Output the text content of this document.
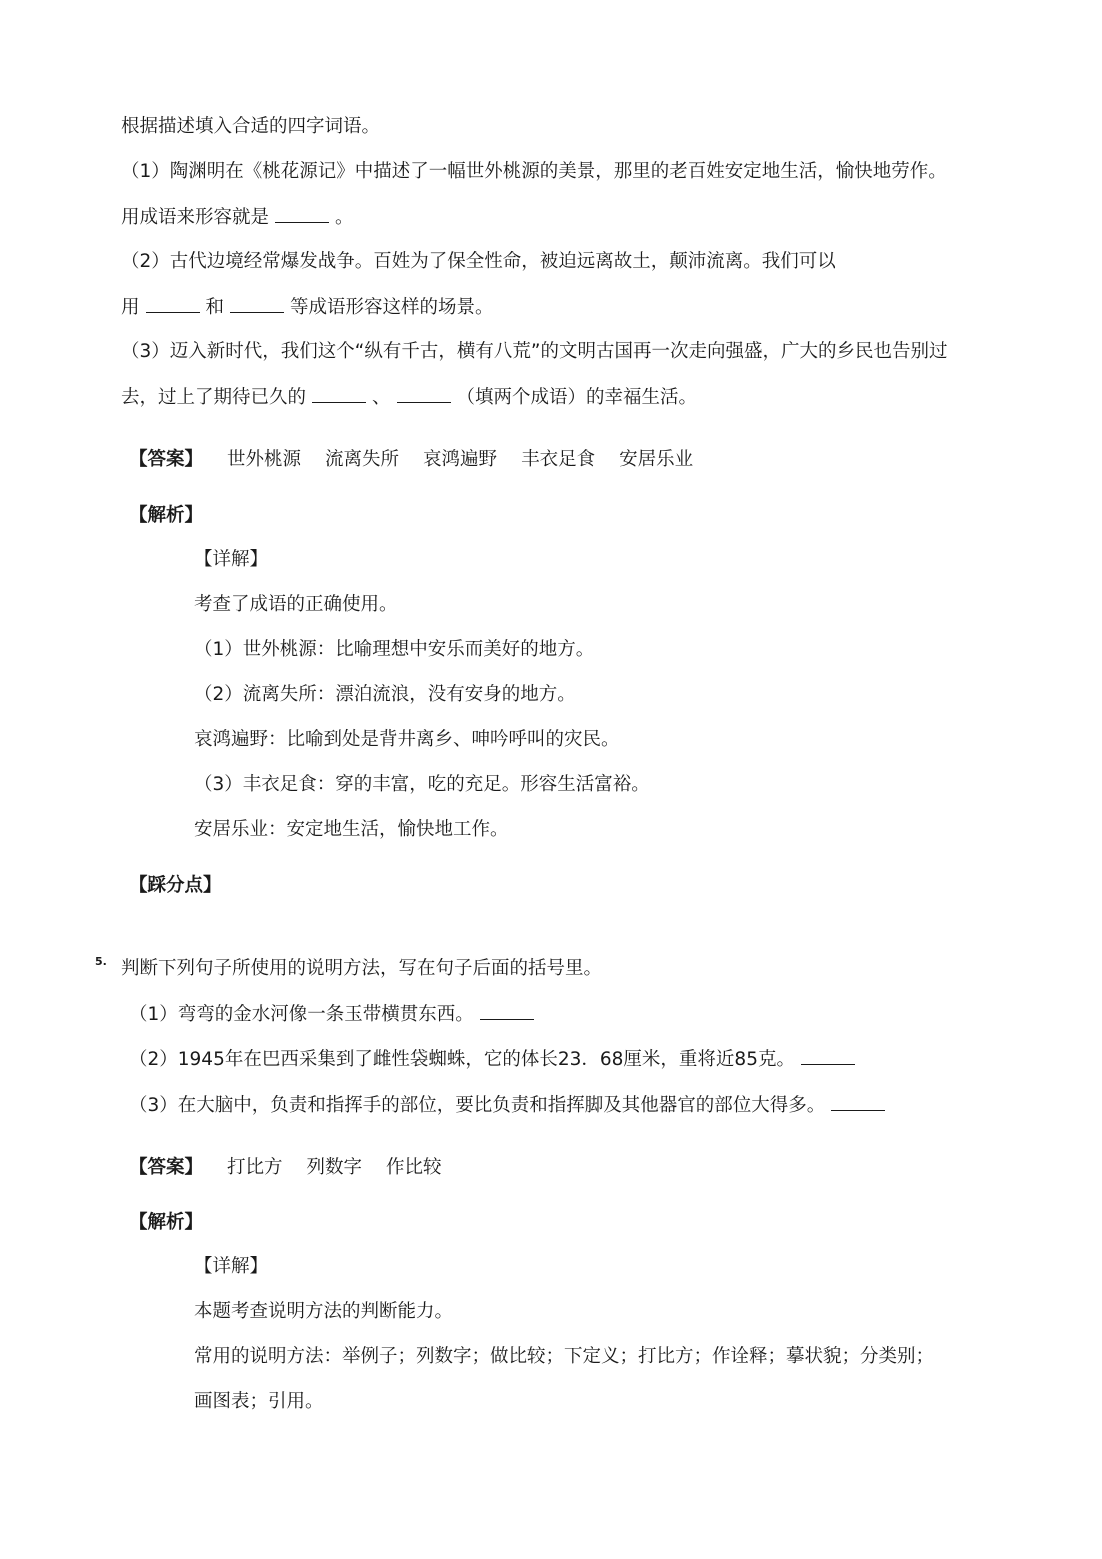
根据描述填入合适的四字词语。
（1）陶渊明在《桃花源记》中描述了一幅世外桃源的美景，那里的老百姓安定地生活，愉快地劳作。
用成语来形容就是	。
（2）古代边境经常爆发战争。百姓为了保全性命，被迫远离故土，颠沛流离。我们可以
用	和	等成语形容这样的场景。
（3）迈入新时代，我们这个“纵有千古，横有八荒”的文明古国再一次走向强盛，广大的乡民也告别过
去，过上了期待已久的	、	（填两个成语）的幸福生活。
【答案】 世外桃源 流离失所 哀鸿遍野 丰衣足食 安居乐业
【解析】
【详解】
考查了成语的正确使用。
（1）世外桃源：比喻理想中安乐而美好的地方。
（2）流离失所：漂泊流浪，没有安身的地方。
哀鸿遍野：比喻到处是背井离乡、呻吟呼叫的灾民。
（3）丰衣足食：穿的丰富，吃的充足。形容生活富裕。
安居乐业：安定地生活，愉快地工作。
【踩分点】
5. 判断下列句子所使用的说明方法，写在句子后面的括号里。
（1）弯弯的金水河像一条玉带横贯东西。
（2）1945年在巴西采集到了雌性袋蜘蛛，它的体长23．68厘米，重将近85克。
（3）在大脑中，负责和指挥手的部位，要比负责和指挥脚及其他器官的部位大得多。
【答案】 打比方 列数字 作比较
【解析】
【详解】
本题考查说明方法的判断能力。
常用的说明方法：举例子；列数字；做比较；下定义；打比方；作诠释；摹状貌；分类别；
画图表；引用。
